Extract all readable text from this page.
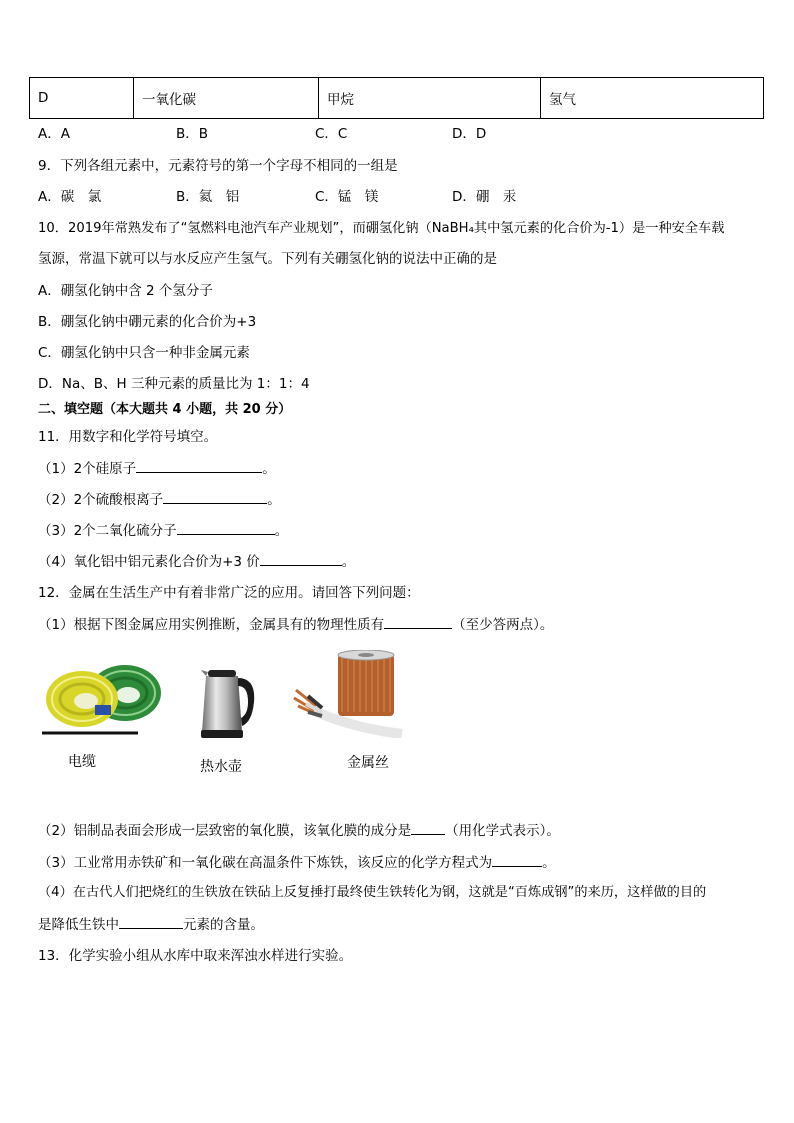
D	一氧化碳	甲烷	氢气
A．A	B．B	C．C	D．D
9．下列各组元素中，元素符号的第一个字母不相同的一组是
A．碳　氯	B．氦　铝	C．锰　镁	D．硼　汞
10．2019年常熟发布了“氢燃料电池汽车产业规划”，而硼氢化钠（NaBH₄其中氢元素的化合价为-1）是一种安全车载
氢源，常温下就可以与水反应产生氢气。下列有关硼氢化钠的说法中正确的是
A．硼氢化钠中含 2 个氢分子
B．硼氢化钠中硼元素的化合价为+3
C．硼氢化钠中只含一种非金属元素
D．Na、B、H 三种元素的质量比为 1：1：4
二、填空题（本大题共 4 小题，共 20 分）
11．用数字和化学符号填空。
（1）2个硅原子	。
（2）2个硫酸根离子	。
（3）2个二氧化硫分子	。
（4）氧化铝中铝元素化合价为+3 价	。
12．金属在生活生产中有着非常广泛的应用。请回答下列问题：
（1）根据下图金属应用实例推断，金属具有的物理性质有	（至少答两点）。
电缆	热水壶	金属丝
（2）铝制品表面会形成一层致密的氧化膜，该氧化膜的成分是	（用化学式表示）。
（3）工业常用赤铁矿和一氧化碳在高温条件下炼铁，该反应的化学方程式为	。
（4）在古代人们把烧红的生铁放在铁砧上反复捶打最终使生铁转化为钢，这就是“百炼成钢”的来历，这样做的目的
是降低生铁中	元素的含量。
13．化学实验小组从水库中取来浑浊水样进行实验。
